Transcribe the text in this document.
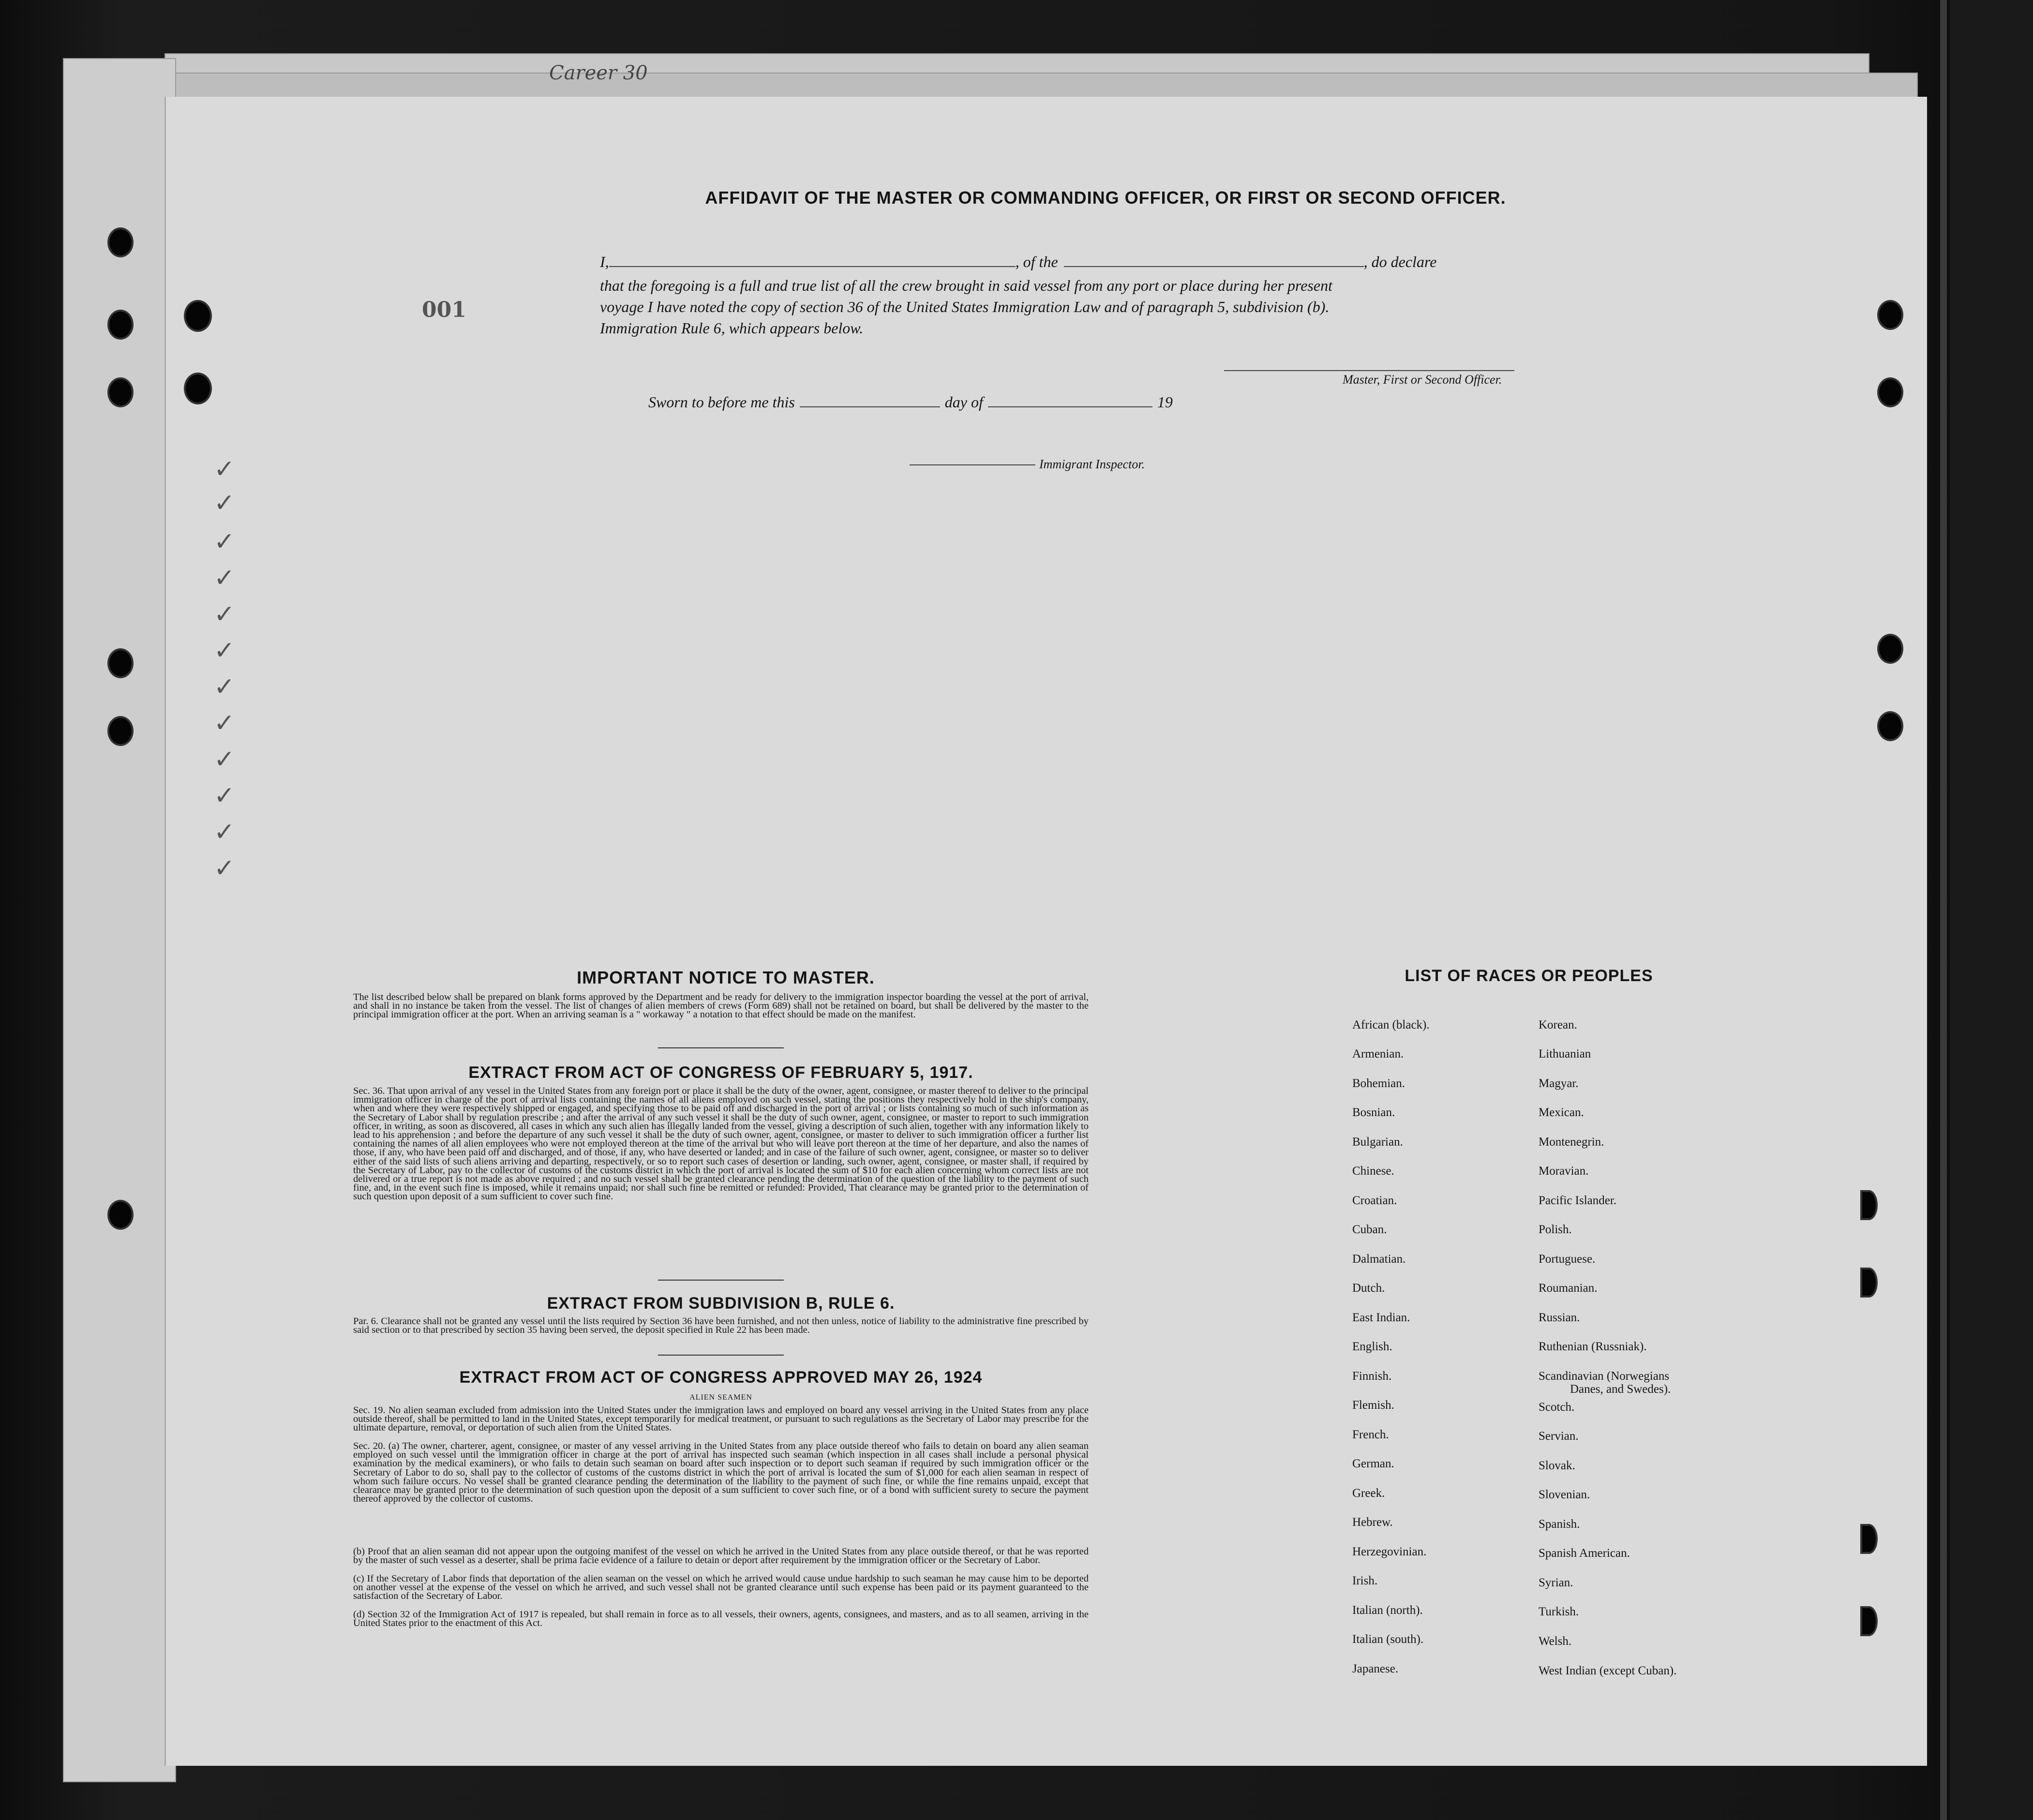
Career 30
✓
✓
✓
✓
✓
✓
✓
✓
✓
✓
✓
✓
001
AFFIDAVIT OF THE MASTER OR COMMANDING OFFICER, OR FIRST OR SECOND OFFICER.
I,	, of the	, do declare
that the foregoing is a full and true list of all the crew brought in said vessel from any port or place during her present
voyage I have noted the copy of section 36 of the United States Immigration Law and of paragraph 5, subdivision (b).
Immigration Rule 6, which appears below.
Master, First or Second Officer.
Sworn to before me this	day of	19
Immigrant Inspector.
IMPORTANT NOTICE TO MASTER.
The list described below shall be prepared on blank forms approved by the Department and be ready for delivery to the immigration inspector boarding the vessel at the port of arrival, and shall in no instance be taken from the vessel. The list of changes of alien members of crews (Form 689) shall not be retained on board, but shall be delivered by the master to the principal immigration officer at the port. When an arriving seaman is a " workaway " a notation to that effect should be made on the manifest.
EXTRACT FROM ACT OF CONGRESS OF FEBRUARY 5, 1917.
Sec. 36. That upon arrival of any vessel in the United States from any foreign port or place it shall be the duty of the owner, agent, consignee, or master thereof to deliver to the principal immigration officer in charge of the port of arrival lists containing the names of all aliens employed on such vessel, stating the positions they respectively hold in the ship's company, when and where they were respectively shipped or engaged, and specifying those to be paid off and discharged in the port of arrival ; or lists containing so much of such information as the Secretary of Labor shall by regulation prescribe ; and after the arrival of any such vessel it shall be the duty of such owner, agent, consignee, or master to report to such immigration officer, in writing, as soon as discovered, all cases in which any such alien has illegally landed from the vessel, giving a description of such alien, together with any information likely to lead to his apprehension ; and before the departure of any such vessel it shall be the duty of such owner, agent, consignee, or master to deliver to such immigration officer a further list containing the names of all alien employees who were not employed thereon at the time of the arrival but who will leave port thereon at the time of her departure, and also the names of those, if any, who have been paid off and discharged, and of those, if any, who have deserted or landed; and in case of the failure of such owner, agent, consignee, or master so to deliver either of the said lists of such aliens arriving and departing, respectively, or so to report such cases of desertion or landing, such owner, agent, consignee, or master shall, if required by the Secretary of Labor, pay to the collector of customs of the customs district in which the port of arrival is located the sum of $10 for each alien concerning whom correct lists are not delivered or a true report is not made as above required ; and no such vessel shall be granted clearance pending the determination of the question of the liability to the payment of such fine, and, in the event such fine is imposed, while it remains unpaid; nor shall such fine be remitted or refunded: Provided, That clearance may be granted prior to the determination of such question upon deposit of a sum sufficient to cover such fine.
EXTRACT FROM SUBDIVISION B, RULE 6.
Par. 6. Clearance shall not be granted any vessel until the lists required by Section 36 have been furnished, and not then unless, notice of liability to the administrative fine prescribed by said section or to that prescribed by section 35 having been served, the deposit specified in Rule 22 has been made.
EXTRACT FROM ACT OF CONGRESS APPROVED MAY 26, 1924
ALIEN SEAMEN
Sec. 19. No alien seaman excluded from admission into the United States under the immigration laws and employed on board any vessel arriving in the United States from any place outside thereof, shall be permitted to land in the United States, except temporarily for medical treatment, or pursuant to such regulations as the Secretary of Labor may prescribe for the ultimate departure, removal, or deportation of such alien from the United States.
Sec. 20. (a) The owner, charterer, agent, consignee, or master of any vessel arriving in the United States from any place outside thereof who fails to detain on board any alien seaman employed on such vessel until the immigration officer in charge at the port of arrival has inspected such seaman (which inspection in all cases shall include a personal physical examination by the medical examiners), or who fails to detain such seaman on board after such inspection or to deport such seaman if required by such immigration officer or the Secretary of Labor to do so, shall pay to the collector of customs of the customs district in which the port of arrival is located the sum of $1,000 for each alien seaman in respect of whom such failure occurs. No vessel shall be granted clearance pending the determination of the liability to the payment of such fine, or while the fine remains unpaid, except that clearance may be granted prior to the determination of such question upon the deposit of a sum sufficient to cover such fine, or of a bond with sufficient surety to secure the payment thereof approved by the collector of customs.
(b) Proof that an alien seaman did not appear upon the outgoing manifest of the vessel on which he arrived in the United States from any place outside thereof, or that he was reported by the master of such vessel as a deserter, shall be prima facie evidence of a failure to detain or deport after requirement by the immigration officer or the Secretary of Labor.
(c) If the Secretary of Labor finds that deportation of the alien seaman on the vessel on which he arrived would cause undue hardship to such seaman he may cause him to be deported on another vessel at the expense of the vessel on which he arrived, and such vessel shall not be granted clearance until such expense has been paid or its payment guaranteed to the satisfaction of the Secretary of Labor.
(d) Section 32 of the Immigration Act of 1917 is repealed, but shall remain in force as to all vessels, their owners, agents, consignees, and masters, and as to all seamen, arriving in the United States prior to the enactment of this Act.
LIST OF RACES OR PEOPLES
African (black).
Armenian.
Bohemian.
Bosnian.
Bulgarian.
Chinese.
Croatian.
Cuban.
Dalmatian.
Dutch.
East Indian.
English.
Finnish.
Flemish.
French.
German.
Greek.
Hebrew.
Herzegovinian.
Irish.
Italian (north).
Italian (south).
Japanese.
Korean.
Lithuanian
Magyar.
Mexican.
Montenegrin.
Moravian.
Pacific Islander.
Polish.
Portuguese.
Roumanian.
Russian.
Ruthenian (Russniak).
Scandinavian (Norwegians
Danes, and Swedes).
Scotch.
Servian.
Slovak.
Slovenian.
Spanish.
Spanish American.
Syrian.
Turkish.
Welsh.
West Indian (except Cuban).
